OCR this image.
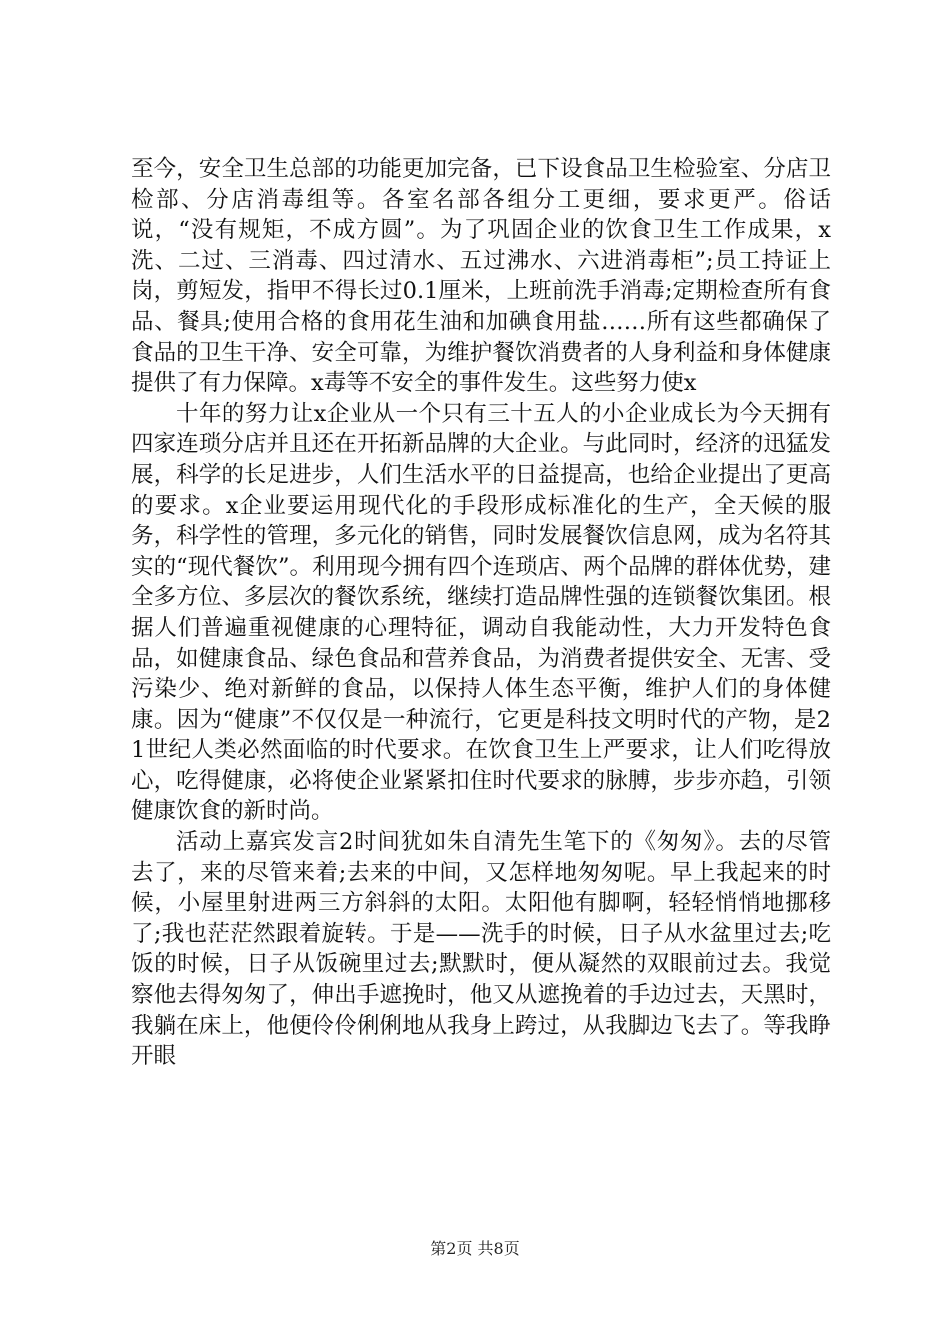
至今，安全卫生总部的功能更加完备，已下设食品卫生检验室、分店卫检部、分店消毒组等。各室名部各组分工更细，要求更严。俗话说，“没有规矩，不成方圆”。为了巩固企业的饮食卫生工作成果，x洗、二过、三消毒、四过清水、五过沸水、六进消毒柜”;员工持证上岗，剪短发，指甲不得长过0.1厘米，上班前洗手消毒;定期检查所有食品、餐具;使用合格的食用花生油和加碘食用盐……所有这些都确保了食品的卫生干净、安全可靠，为维护餐饮消费者的人身利益和身体健康提供了有力保障。x毒等不安全的事件发生。这些努力使x

十年的努力让x企业从一个只有三十五人的小企业成长为今天拥有四家连琐分店并且还在开拓新品牌的大企业。与此同时，经济的迅猛发展，科学的长足进步，人们生活水平的日益提高，也给企业提出了更高的要求。x企业要运用现代化的手段形成标准化的生产，全天候的服务，科学性的管理，多元化的销售，同时发展餐饮信息网，成为名符其实的“现代餐饮”。利用现今拥有四个连琐店、两个品牌的群体优势，建全多方位、多层次的餐饮系统，继续打造品牌性强的连锁餐饮集团。根据人们普遍重视健康的心理特征，调动自我能动性，大力开发特色食品，如健康食品、绿色食品和营养食品，为消费者提供安全、无害、受污染少、绝对新鲜的食品，以保持人体生态平衡，维护人们的身体健康。因为“健康”不仅仅是一种流行，它更是科技文明时代的产物，是21世纪人类必然面临的时代要求。在饮食卫生上严要求，让人们吃得放心，吃得健康，必将使企业紧紧扣住时代要求的脉膊，步步亦趋，引领健康饮食的新时尚。

活动上嘉宾发言2时间犹如朱自清先生笔下的《匆匆》。去的尽管去了，来的尽管来着;去来的中间，又怎样地匆匆呢。早上我起来的时候，小屋里射进两三方斜斜的太阳。太阳他有脚啊，轻轻悄悄地挪移了;我也茫茫然跟着旋转。于是——洗手的时候，日子从水盆里过去;吃饭的时候，日子从饭碗里过去;默默时，便从凝然的双眼前过去。我觉察他去得匆匆了，伸出手遮挽时，他又从遮挽着的手边过去，天黑时，我躺在床上，他便伶伶俐俐地从我身上跨过，从我脚边飞去了。等我睁开眼

第2页 共8页
